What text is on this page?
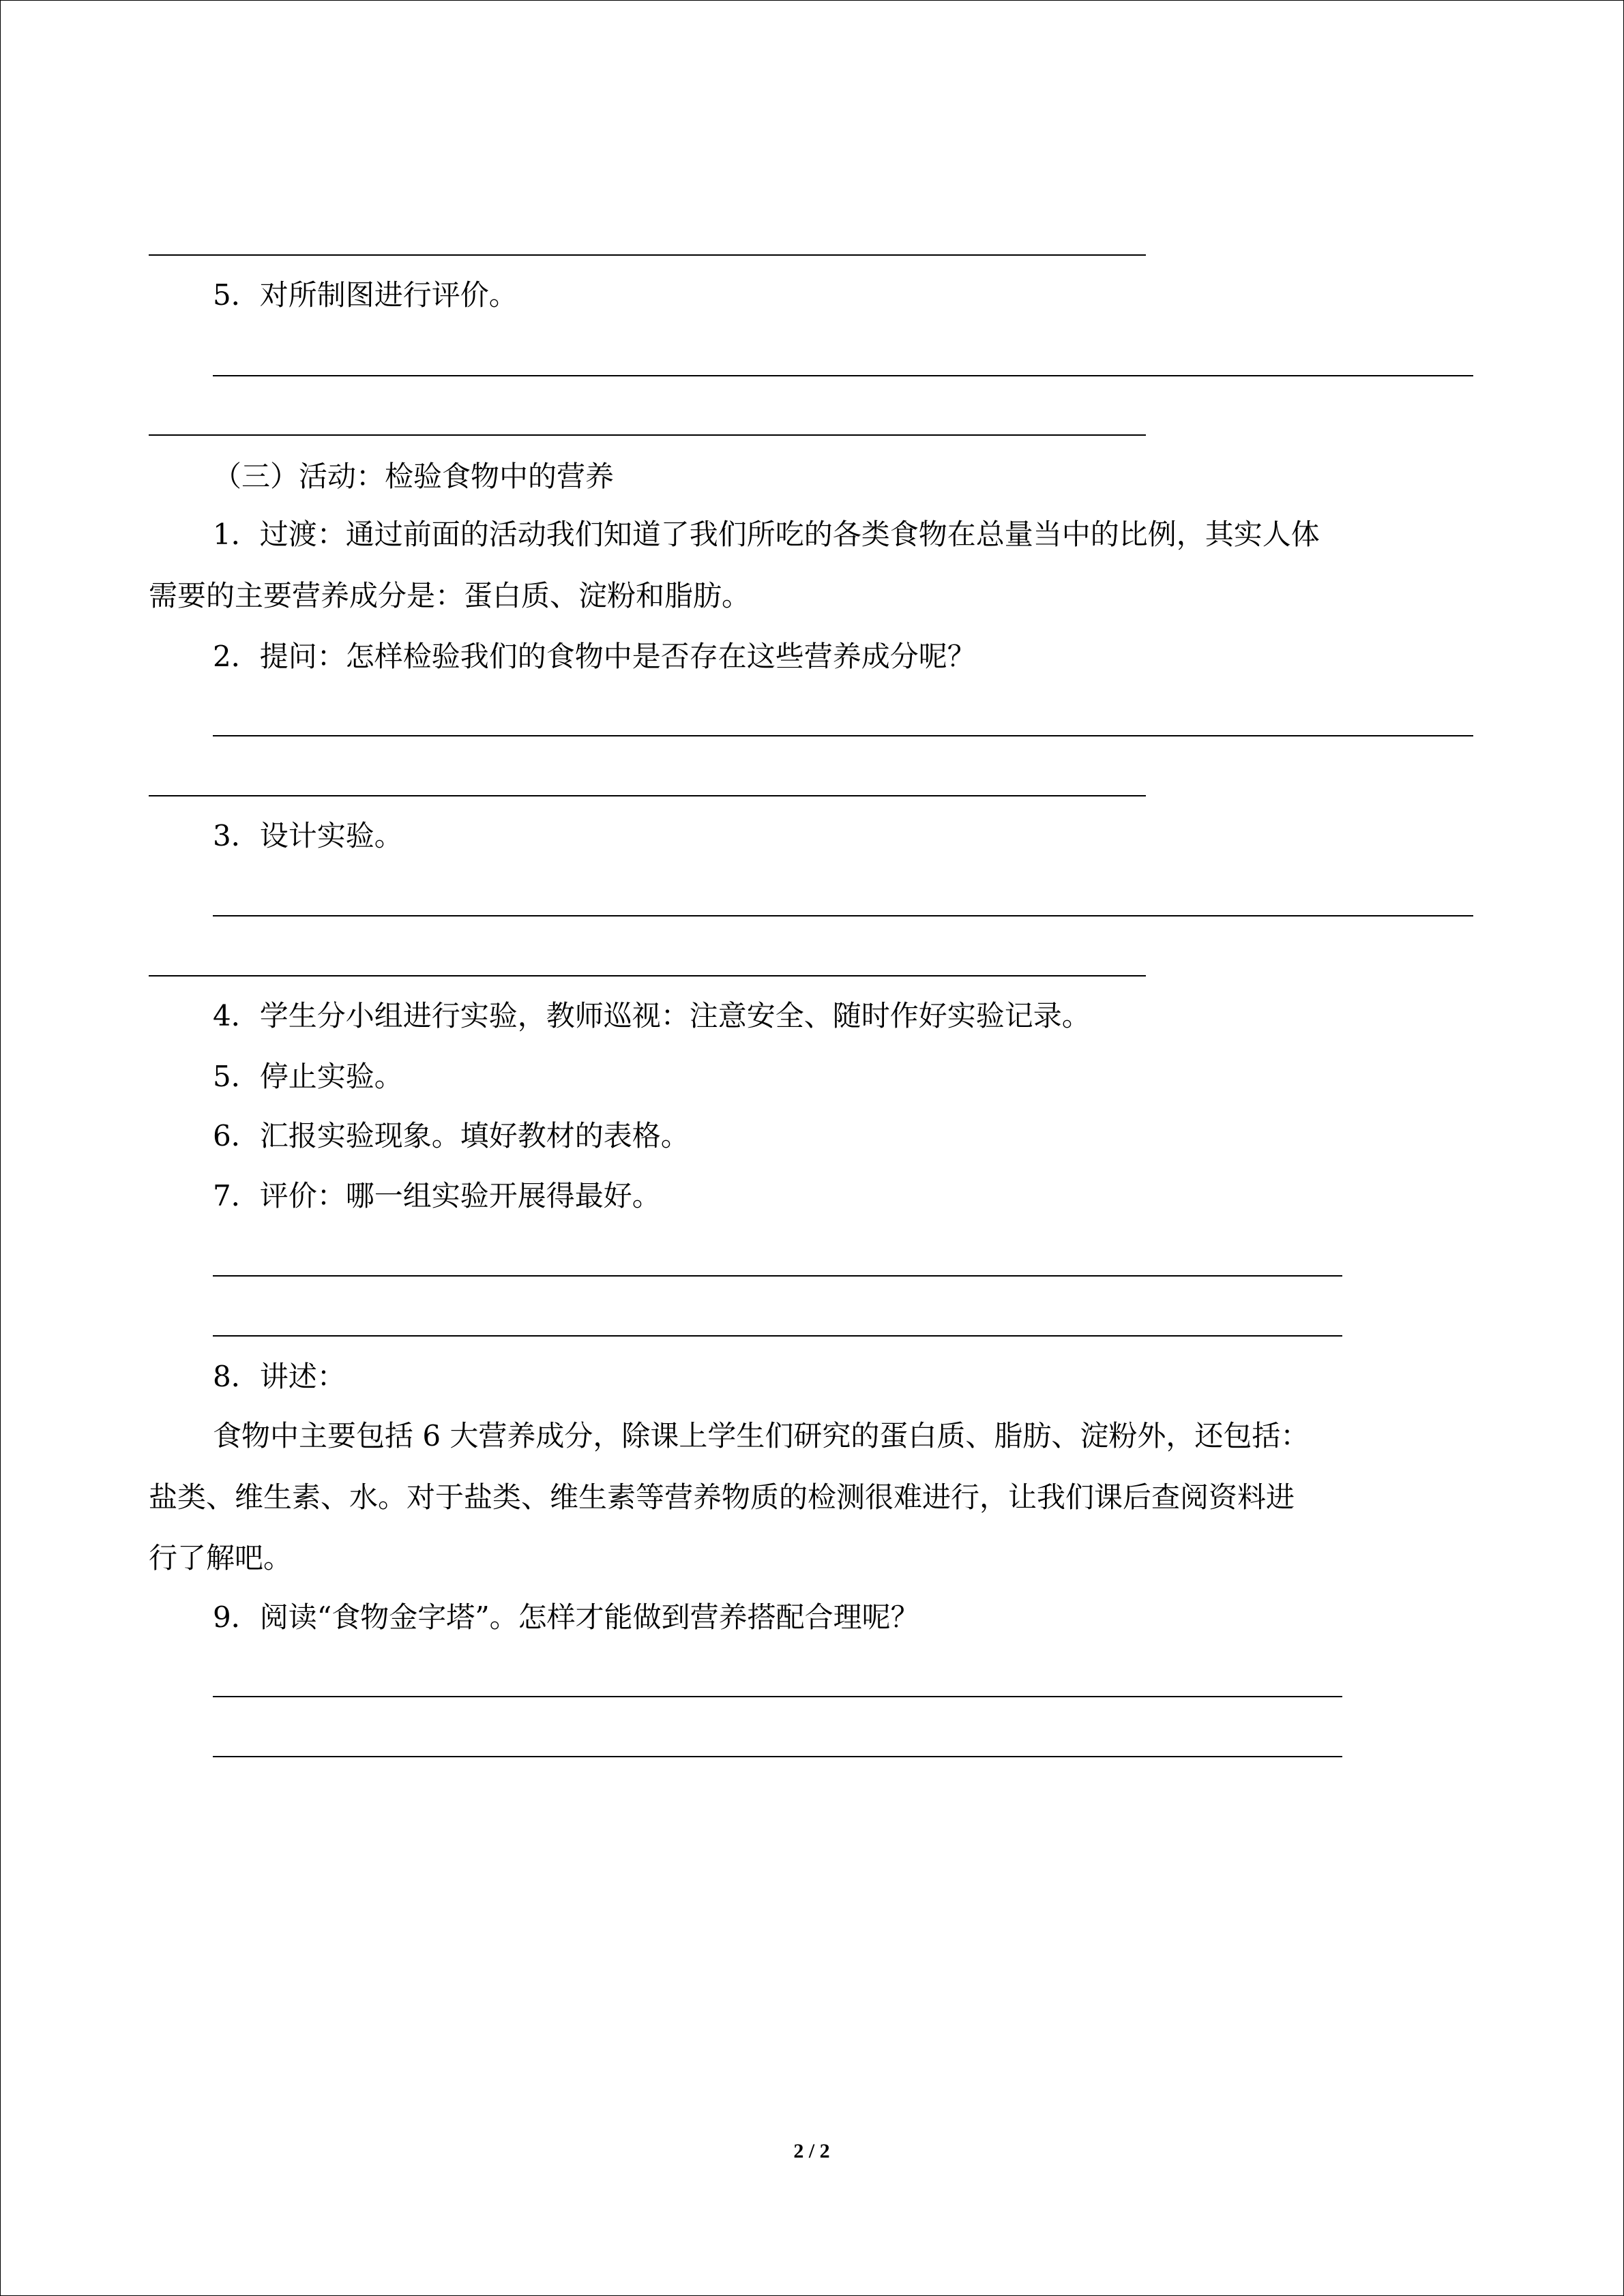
5．对所制图进行评价。
（三）活动：检验食物中的营养
1．过渡：通过前面的活动我们知道了我们所吃的各类食物在总量当中的比例，其实人体
需要的主要营养成分是：蛋白质、淀粉和脂肪。
2．提问：怎样检验我们的食物中是否存在这些营养成分呢？
3．设计实验。
4．学生分小组进行实验，教师巡视：注意安全、随时作好实验记录。
5．停止实验。
6．汇报实验现象。填好教材的表格。
7．评价：哪一组实验开展得最好。
8．讲述：
食物中主要包括 6 大营养成分，除课上学生们研究的蛋白质、脂肪、淀粉外，还包括：
盐类、维生素、水。对于盐类、维生素等营养物质的检测很难进行，让我们课后查阅资料进
行了解吧。
9．阅读“食物金字塔”。怎样才能做到营养搭配合理呢？
2 / 2
